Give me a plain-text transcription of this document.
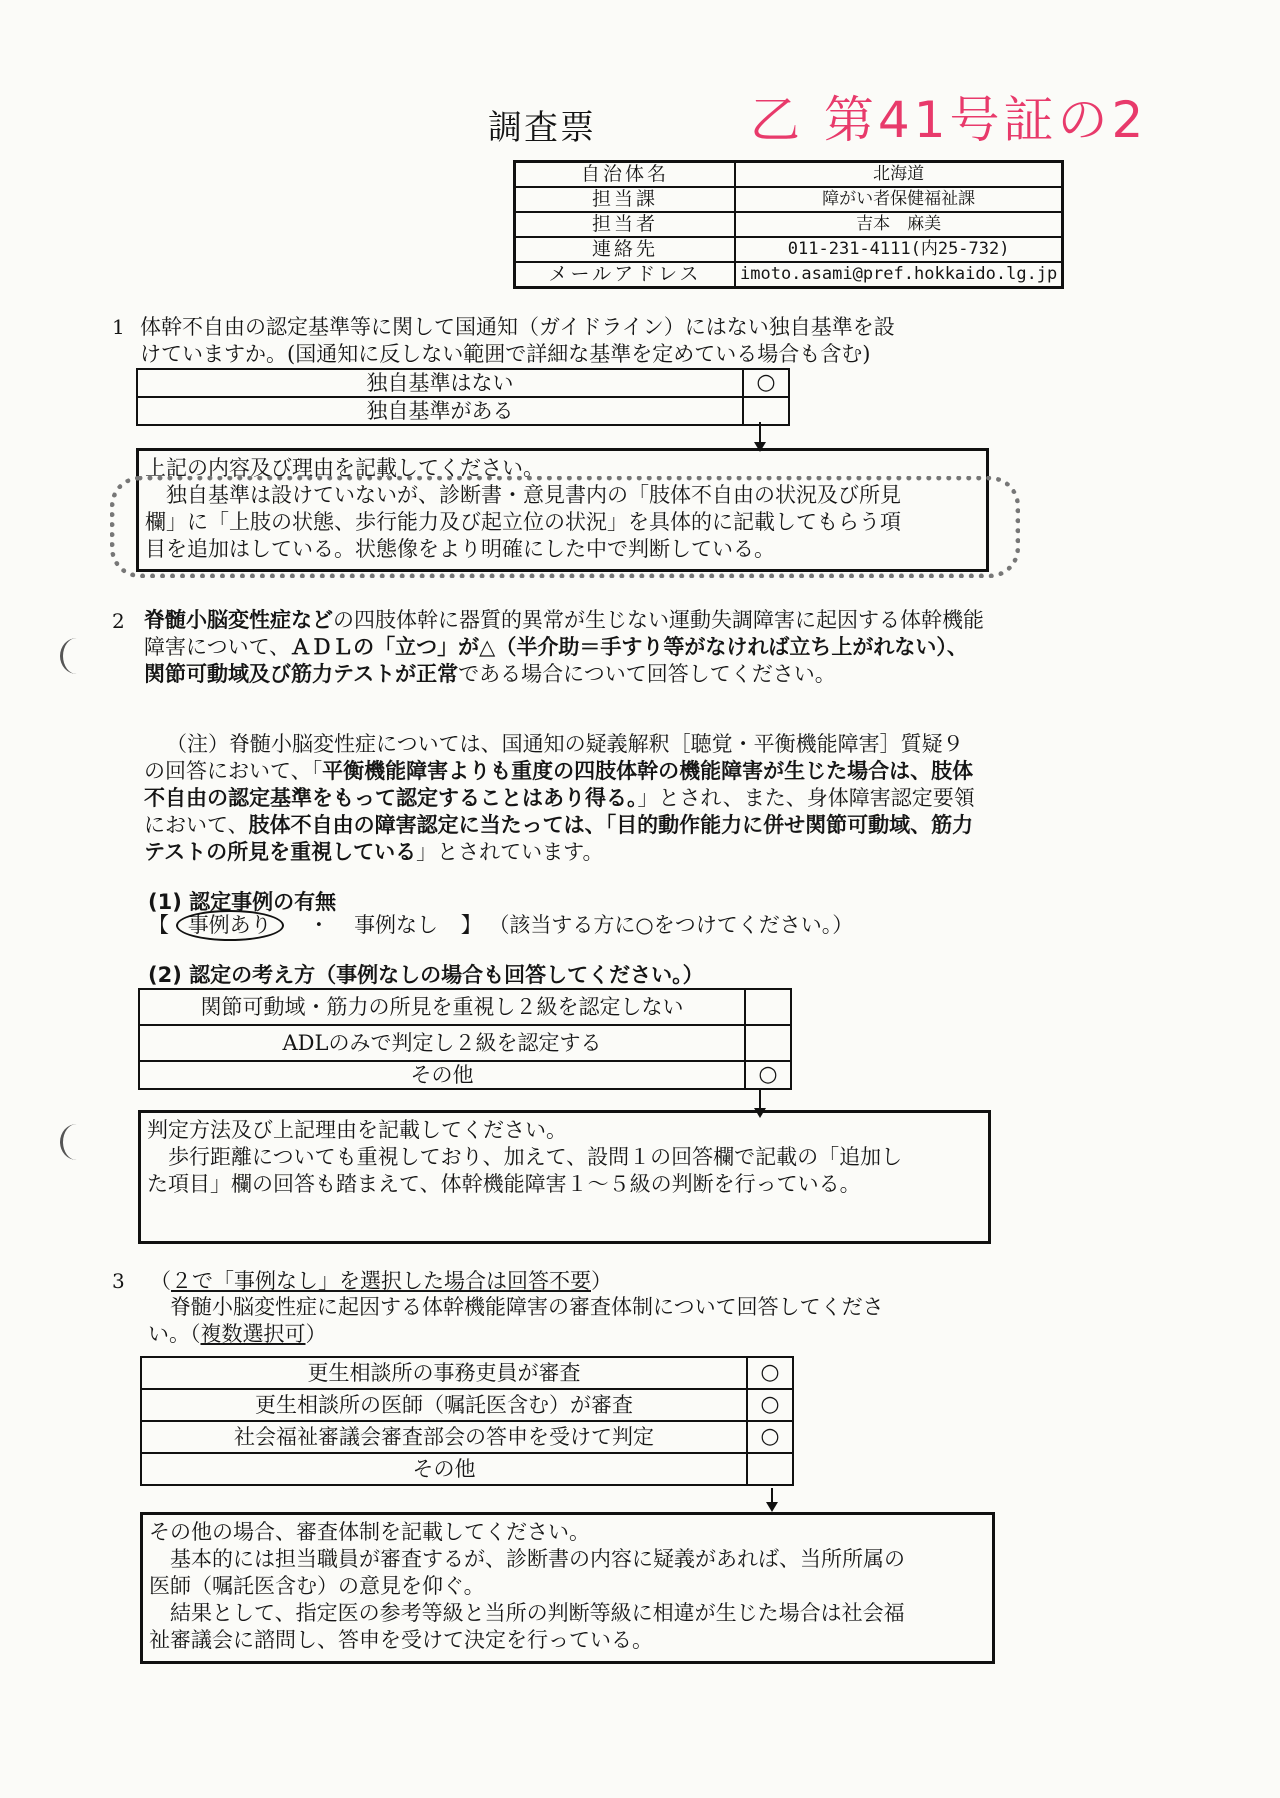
調査票	乙 第41号証の2
自治体名	北海道
担当課	障がい者保健福祉課
担当者	吉本　麻美
連絡先	011-231-4111(内25-732)
メールアドレス	imoto.asami@pref.hokkaido.lg.jp
1 体幹不自由の認定基準等に関して国通知（ガイドライン）にはない独自基準を設
けていますか。(国通知に反しない範囲で詳細な基準を定めている場合も含む)
独自基準はない	○
独自基準がある	
上記の内容及び理由を記載してください。
　独自基準は設けていないが、診断書・意見書内の「肢体不自由の状況及び所見
欄」に「上肢の状態、歩行能力及び起立位の状況」を具体的に記載してもらう項
目を追加はしている。状態像をより明確にした中で判断している。
2 脊髄小脳変性症などの四肢体幹に器質的異常が生じない運動失調障害に起因する体幹機能障害について、ＡＤＬの「立つ」が△（半介助＝手すり等がなければ立ち上がれない）、関節可動域及び筋力テストが正常である場合について回答してください。
（注）脊髄小脳変性症については、国通知の疑義解釈［聴覚・平衡機能障害］質疑９の回答において、「平衡機能障害よりも重度の四肢体幹の機能障害が生じた場合は、肢体不自由の認定基準をもって認定することはあり得る。」とされ、また、身体障害認定要領において、肢体不自由の障害認定に当たっては、「目的動作能力に併せ関節可動域、筋力テストの所見を重視している」とされています。
(1) 認定事例の有無
【 事例あり ・ 事例なし 】 （該当する方に○をつけてください。）
(2) 認定の考え方（事例なしの場合も回答してください。）
関節可動域・筋力の所見を重視し２級を認定しない	
ADLのみで判定し２級を認定する	
その他	○
判定方法及び上記理由を記載してください。
　歩行距離についても重視しており、加えて、設問１の回答欄で記載の「追加し
た項目」欄の回答も踏まえて、体幹機能障害１～５級の判断を行っている。
3 （２で「事例なし」を選択した場合は回答不要）
脊髄小脳変性症に起因する体幹機能障害の審査体制について回答してくださ
い。（複数選択可）
更生相談所の事務吏員が審査	○
更生相談所の医師（嘱託医含む）が審査	○
社会福祉審議会審査部会の答申を受けて判定	○
その他	
その他の場合、審査体制を記載してください。
　基本的には担当職員が審査するが、診断書の内容に疑義があれば、当所所属の
医師（嘱託医含む）の意見を仰ぐ。
　結果として、指定医の参考等級と当所の判断等級に相違が生じた場合は社会福
祉審議会に諮問し、答申を受けて決定を行っている。
